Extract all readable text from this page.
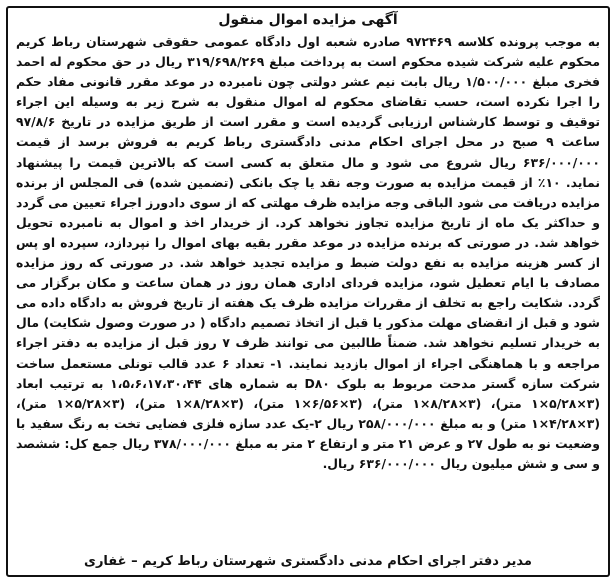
آگهی مزایده اموال منقول

به موجب پرونده کلاسه ۹۷۲۴۶۹ صادره شعبه اول دادگاه عمومی حقوقی شهرستان رباط کریم محکوم علیه شرکت شیده محکوم است به پرداخت مبلغ ۳۱۹/۶۹۸/۲۶۹ ریال در حق محکوم له احمد فخری مبلغ ۱/۵۰۰/۰۰۰ ریال بابت نیم عشر دولتی چون نامبرده در موعد مقرر قانونی مفاد حکم را اجرا نکرده است، حسب تقاضای محکوم له اموال منقول به شرح زیر به وسیله این اجراء توقیف و توسط کارشناس ارزیابی گردیده است و مقرر است از طریق مزایده در تاریخ ۹۷/۸/۶ ساعت ۹ صبح در محل اجرای احکام مدنی دادگستری رباط کریم به فروش برسد از قیمت ۶۳۶/۰۰۰/۰۰۰ ریال شروع می شود و مال متعلق به کسی است که بالاترین قیمت را پیشنهاد نماید. ۱۰٪ از قیمت مزایده به صورت وجه نقد یا چک بانکی (تضمین شده) فی المجلس از برنده مزایده دریافت می شود الباقی وجه مزایده ظرف مهلتی که از سوی دادورز اجراء تعیین می گردد و حداکثر یک ماه از تاریخ مزایده تجاوز نخواهد کرد. از خریدار اخذ و اموال به نامبرده تحویل خواهد شد. در صورتی که برنده مزایده در موعد مقرر بقیه بهای اموال را نپردازد، سپرده او پس از کسر هزینه مزایده به نفع دولت ضبط و مزایده تجدید خواهد شد. در صورتی که روز مزایده مصادف با ایام تعطیل شود، مزایده فردای اداری همان روز در همان ساعت و مکان برگزار می گردد. شکایت راجع به تخلف از مقررات مزایده ظرف یک هفته از تاریخ فروش به دادگاه داده می شود و قبل از انقضای مهلت مذکور یا قبل از اتخاذ تصمیم دادگاه ( در صورت وصول شکایت) مال به خریدار تسلیم نخواهد شد. ضمناً طالبین می توانند ظرف ۷ روز قبل از مزایده به دفتر اجراء مراجعه و با هماهنگی اجراء از اموال بازدید نمایند. ۱- تعداد ۶ عدد قالب تونلی مستعمل ساخت شرکت سازه گستر مدحت مربوط به بلوک D۸۰ به شماره های ۱،۵،۶،۱۷،۳۰،۴۴ به ترتیب ابعاد (۳×۵/۲۸×۱ متر)، (۳×۸/۲۸×۱ متر)، (۳×۶/۵۶×۱ متر)، (۳×۸/۲۸×۱ متر)، (۳×۵/۲۸×۱ متر)، (۳×۴/۲۸×۱ متر) و به مبلغ ۲۵۸/۰۰۰/۰۰۰ ریال ۲-یک عدد سازه فلزی فضایی تخت به رنگ سفید با وضعیت نو به طول ۲۷ و عرض ۲۱ متر و ارتفاع ۲ متر به مبلغ ۳۷۸/۰۰۰/۰۰۰ ریال جمع کل: ششصد و سی و شش میلیون ریال ۶۳۶/۰۰۰/۰۰۰ ریال.

مدیر دفتر اجرای احکام مدنی دادگستری شهرستان رباط کریم – غفاری
